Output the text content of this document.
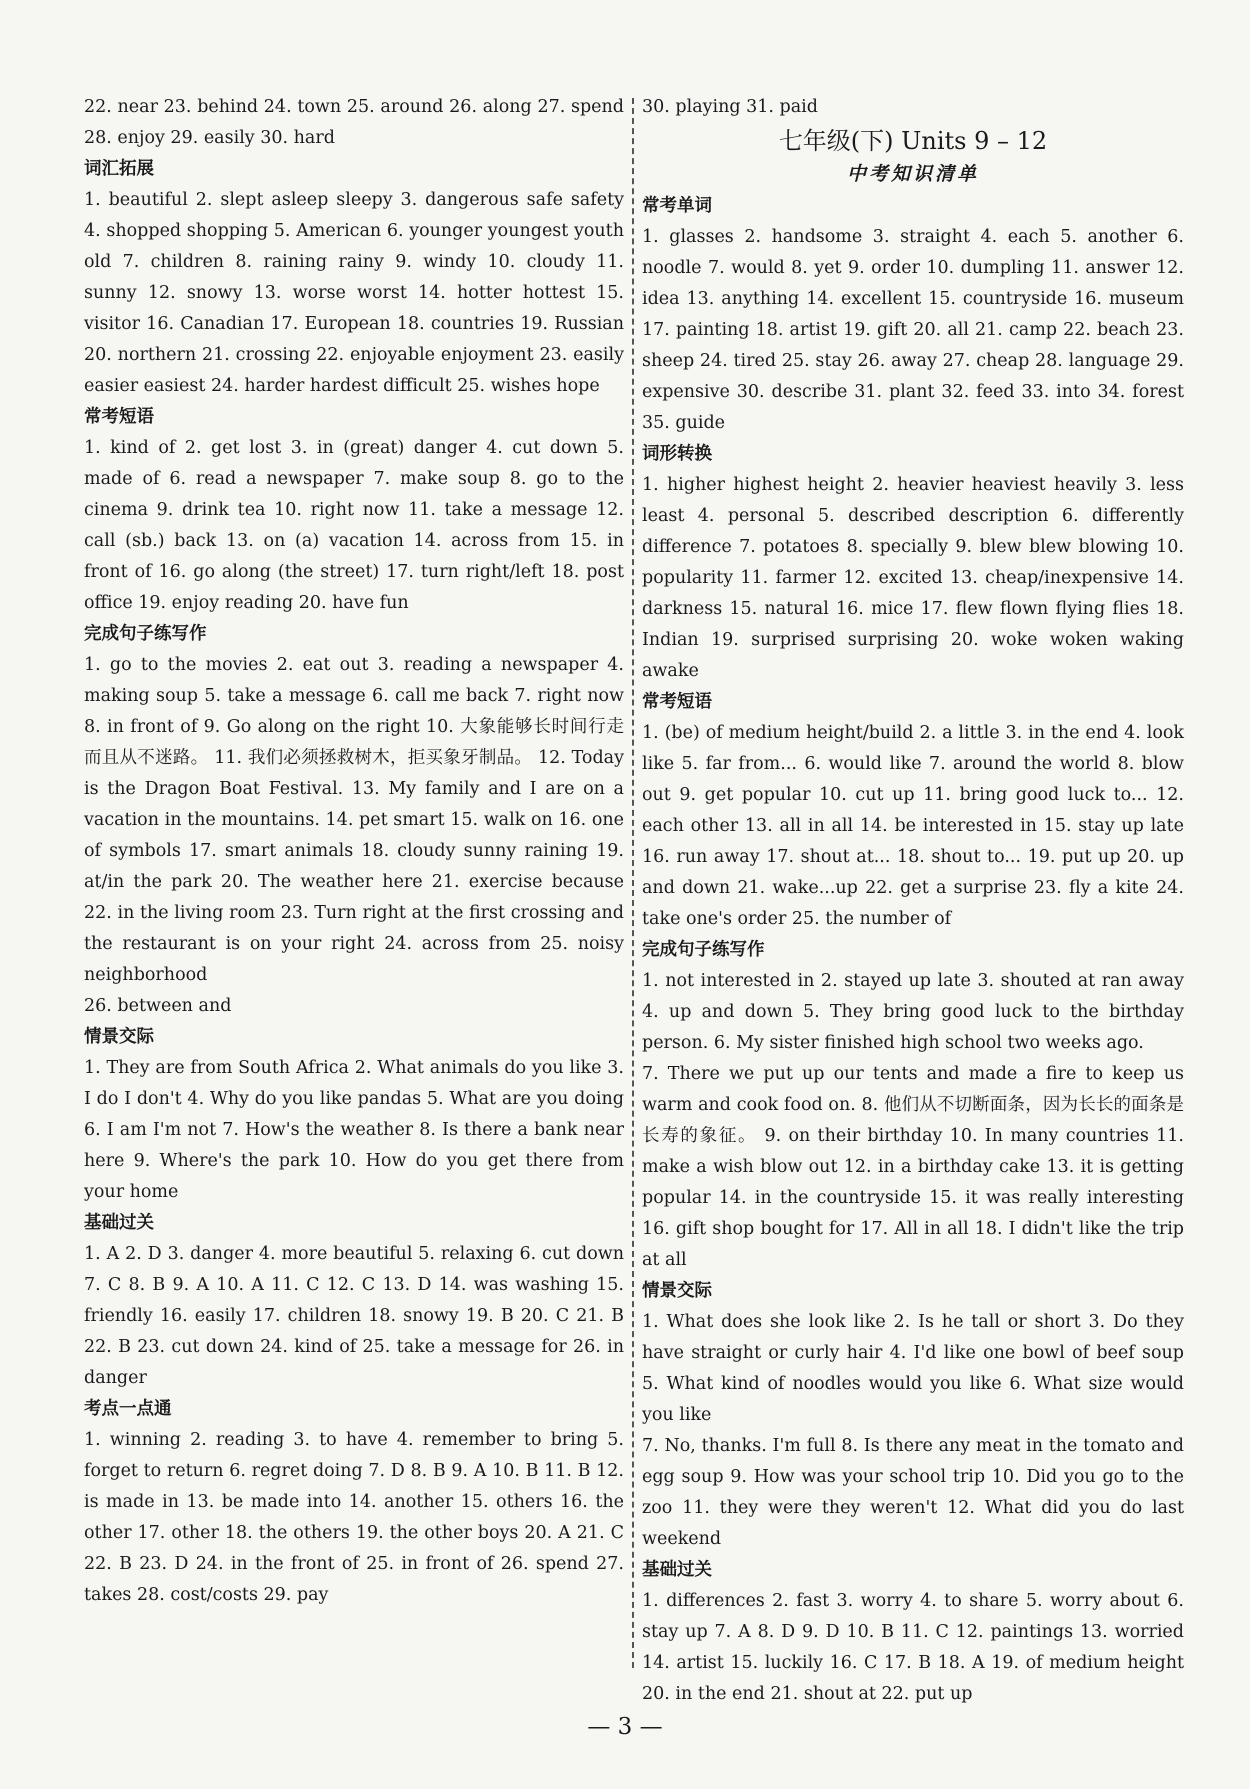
22. near 23. behind 24. town 25. around 26. along 27. spend 28. enjoy 29. easily 30. hard

词汇拓展

1. beautiful 2. slept asleep sleepy 3. dangerous safe safety 4. shopped shopping 5. American 6. younger youngest youth old 7. children 8. raining rainy 9. windy 10. cloudy 11. sunny 12. snowy 13. worse worst 14. hotter hottest 15. visitor 16. Canadian 17. European 18. countries 19. Russian 20. northern 21. crossing 22. enjoyable enjoyment 23. easily easier easiest 24. harder hardest difficult 25. wishes hope

常考短语

1. kind of 2. get lost 3. in (great) danger 4. cut down 5. made of 6. read a newspaper 7. make soup 8. go to the cinema 9. drink tea 10. right now 11. take a message 12. call (sb.) back 13. on (a) vacation 14. across from 15. in front of 16. go along (the street) 17. turn right/left 18. post office 19. enjoy reading 20. have fun

完成句子练写作

1. go to the movies 2. eat out 3. reading a newspaper 4. making soup 5. take a message 6. call me back 7. right now 8. in front of 9. Go along on the right 10. 大象能够长时间行走而且从不迷路。 11. 我们必须拯救树木，拒买象牙制品。 12. Today is the Dragon Boat Festival. 13. My family and I are on a vacation in the mountains. 14. pet smart 15. walk on 16. one of symbols 17. smart animals 18. cloudy sunny raining 19. at/in the park 20. The weather here 21. exercise because 22. in the living room 23. Turn right at the first crossing and the restaurant is on your right 24. across from 25. noisy neighborhood

26. between and

情景交际

1. They are from South Africa 2. What animals do you like 3. I do I don't 4. Why do you like pandas 5. What are you doing 6. I am I'm not 7. How's the weather 8. Is there a bank near here 9. Where's the park 10. How do you get there from your home

基础过关

1. A 2. D 3. danger 4. more beautiful 5. relaxing 6. cut down 7. C 8. B 9. A 10. A 11. C 12. C 13. D 14. was washing 15. friendly 16. easily 17. children 18. snowy 19. B 20. C 21. B 22. B 23. cut down 24. kind of 25. take a message for 26. in danger

考点一点通

1. winning 2. reading 3. to have 4. remember to bring 5. forget to return 6. regret doing 7. D 8. B 9. A 10. B 11. B 12. is made in 13. be made into 14. another 15. others 16. the other 17. other 18. the others 19. the other boys 20. A 21. C 22. B 23. D 24. in the front of 25. in front of 26. spend 27. takes 28. cost/costs 29. pay

30. playing 31. paid

七年级(下) Units 9 – 12

中考知识清单

常考单词

1. glasses 2. handsome 3. straight 4. each 5. another 6. noodle 7. would 8. yet 9. order 10. dumpling 11. answer 12. idea 13. anything 14. excellent 15. countryside 16. museum 17. painting 18. artist 19. gift 20. all 21. camp 22. beach 23. sheep 24. tired 25. stay 26. away 27. cheap 28. language 29. expensive 30. describe 31. plant 32. feed 33. into 34. forest 35. guide

词形转换

1. higher highest height 2. heavier heaviest heavily 3. less least 4. personal 5. described description 6. differently difference 7. potatoes 8. specially 9. blew blew blowing 10. popularity 11. farmer 12. excited 13. cheap/inexpensive 14. darkness 15. natural 16. mice 17. flew flown flying flies 18. Indian 19. surprised surprising 20. woke woken waking awake

常考短语

1. (be) of medium height/build 2. a little 3. in the end 4. look like 5. far from... 6. would like 7. around the world 8. blow out 9. get popular 10. cut up 11. bring good luck to... 12. each other 13. all in all 14. be interested in 15. stay up late 16. run away 17. shout at... 18. shout to... 19. put up 20. up and down 21. wake...up 22. get a surprise 23. fly a kite 24. take one's order 25. the number of

完成句子练写作

1. not interested in 2. stayed up late 3. shouted at ran away 4. up and down 5. They bring good luck to the birthday person. 6. My sister finished high school two weeks ago.

7. There we put up our tents and made a fire to keep us warm and cook food on. 8. 他们从不切断面条，因为长长的面条是长寿的象征。 9. on their birthday 10. In many countries 11. make a wish blow out 12. in a birthday cake 13. it is getting popular 14. in the countryside 15. it was really interesting 16. gift shop bought for 17. All in all 18. I didn't like the trip at all

情景交际

1. What does she look like 2. Is he tall or short 3. Do they have straight or curly hair 4. I'd like one bowl of beef soup 5. What kind of noodles would you like 6. What size would you like

7. No, thanks. I'm full 8. Is there any meat in the tomato and egg soup 9. How was your school trip 10. Did you go to the zoo 11. they were they weren't 12. What did you do last weekend

基础过关

1. differences 2. fast 3. worry 4. to share 5. worry about 6. stay up 7. A 8. D 9. D 10. B 11. C 12. paintings 13. worried 14. artist 15. luckily 16. C 17. B 18. A 19. of medium height 20. in the end 21. shout at 22. put up

— 3 —
